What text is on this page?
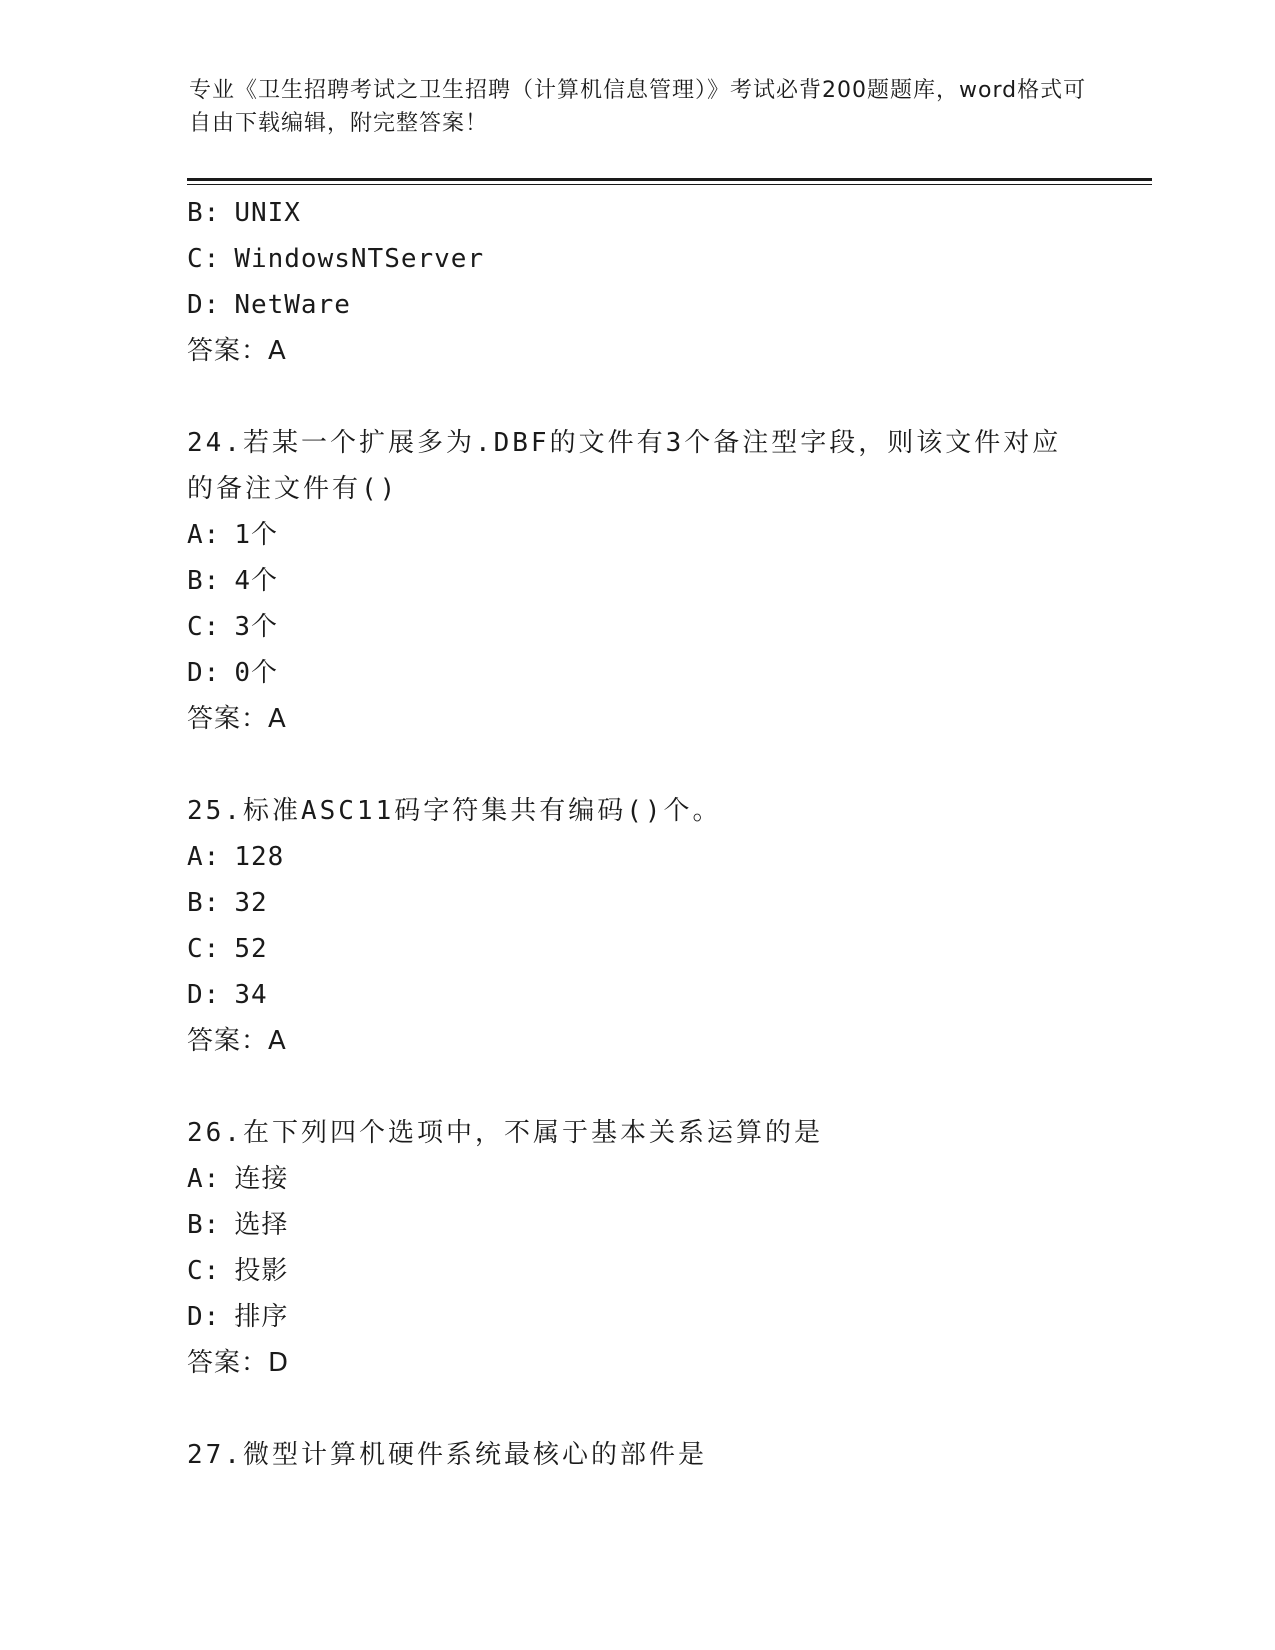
专业《卫生招聘考试之卫生招聘（计算机信息管理）》考试必背200题题库，word格式可自由下载编辑，附完整答案！
B: UNIX
C: WindowsNTServer
D: NetWare
答案：A
24.若某一个扩展多为.DBF的文件有3个备注型字段，则该文件对应的备注文件有()
A: 1个
B: 4个
C: 3个
D: 0个
答案：A
25.标准ASC11码字符集共有编码()个。
A: 128
B: 32
C: 52
D: 34
答案：A
26.在下列四个选项中，不属于基本关系运算的是
A: 连接
B: 选择
C: 投影
D: 排序
答案：D
27.微型计算机硬件系统最核心的部件是
